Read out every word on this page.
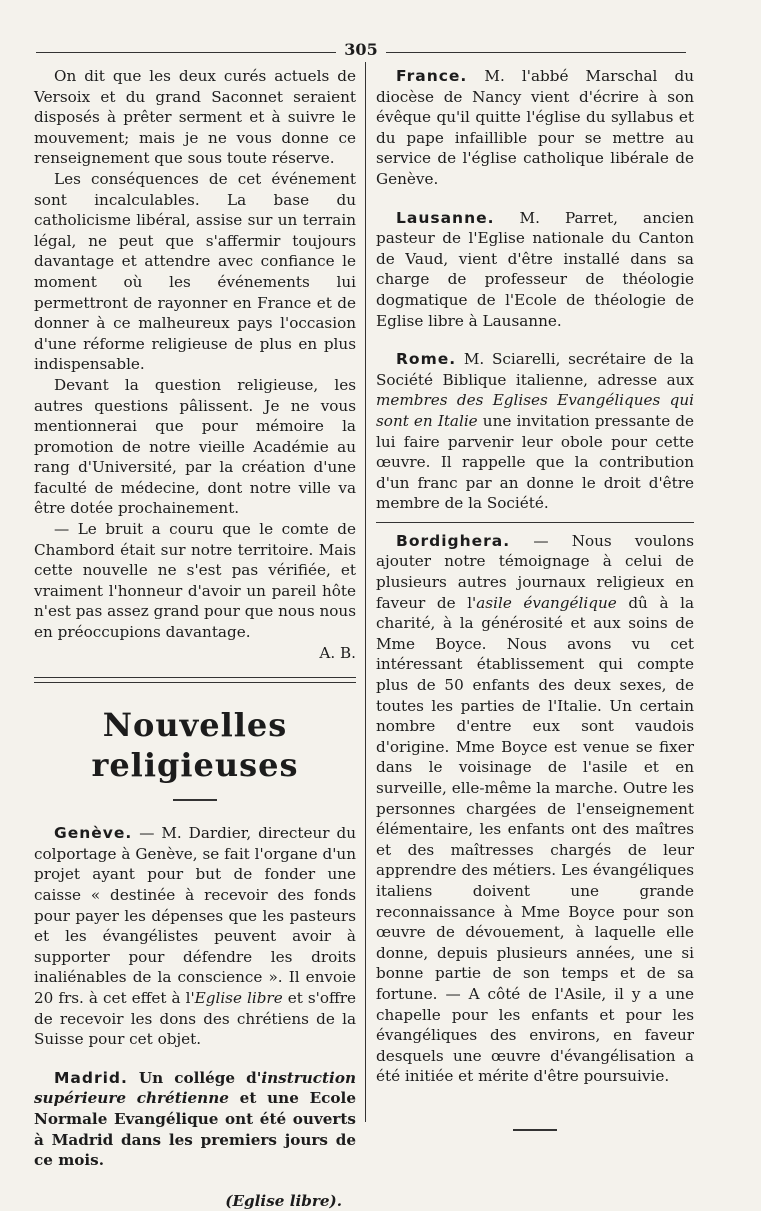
305

On dit que les deux curés actuels de Versoix et du grand Saconnet seraient disposés à prêter serment et à suivre le mouvement; mais je ne vous donne ce renseignement que sous toute réserve.

Les conséquences de cet événement sont incalculables. La base du catholicisme libéral, assise sur un terrain légal, ne peut que s'affermir toujours davantage et attendre avec confiance le moment où les événements lui permettront de rayonner en France et de donner à ce malheureux pays l'occasion d'une réforme religieuse de plus en plus indispensable.

Devant la question religieuse, les autres questions pâlissent. Je ne vous mentionnerai que pour mémoire la promotion de notre vieille Académie au rang d'Université, par la création d'une faculté de médecine, dont notre ville va être dotée prochainement.

— Le bruit a couru que le comte de Chambord était sur notre territoire. Mais cette nouvelle ne s'est pas vérifiée, et vraiment l'honneur d'avoir un pareil hôte n'est pas assez grand pour que nous nous en préoccupions davantage.

A. B.

Nouvelles religieuses

Genève. — M. Dardier, directeur du colportage à Genève, se fait l'organe d'un projet ayant pour but de fonder une caisse « destinée à recevoir des fonds pour payer les dépenses que les pasteurs et les évangélistes peuvent avoir à supporter pour défendre les droits inaliénables de la conscience ». Il envoie 20 frs. à cet effet à l'Eglise libre et s'offre de recevoir les dons des chrétiens de la Suisse pour cet objet.

Madrid. Un collége d'instruction supérieure chrétienne et une Ecole Normale Evangélique ont été ouverts à Madrid dans les premiers jours de ce mois.

(Eglise libre).

France. M. l'abbé Marschal du diocèse de Nancy vient d'écrire à son évêque qu'il quitte l'église du syllabus et du pape infaillible pour se mettre au service de l'église catholique libérale de Genève.

Lausanne. M. Parret, ancien pasteur de l'Eglise nationale du Canton de Vaud, vient d'être installé dans sa charge de professeur de théologie dogmatique de l'Ecole de théologie de Eglise libre à Lausanne.

Rome. M. Sciarelli, secrétaire de la Société Biblique italienne, adresse aux membres des Eglises Evangéliques qui sont en Italie une invitation pressante de lui faire parvenir leur obole pour cette œuvre. Il rappelle que la contribution d'un franc par an donne le droit d'être membre de la Société.

Bordighera. — Nous voulons ajouter notre témoignage à celui de plusieurs autres journaux religieux en faveur de l'asile évangélique dû à la charité, à la générosité et aux soins de Mme Boyce. Nous avons vu cet intéressant établissement qui compte plus de 50 enfants des deux sexes, de toutes les parties de l'Italie. Un certain nombre d'entre eux sont vaudois d'origine. Mme Boyce est venue se fixer dans le voisinage de l'asile et en surveille, elle-même la marche. Outre les personnes chargées de l'enseignement élémentaire, les enfants ont des maîtres et des maîtresses chargés de leur apprendre des métiers. Les évangéliques italiens doivent une grande reconnaissance à Mme Boyce pour son œuvre de dévouement, à laquelle elle donne, depuis plusieurs années, une si bonne partie de son temps et de sa fortune. — A côté de l'Asile, il y a une chapelle pour les enfants et pour les évangéliques des environs, en faveur desquels une œuvre d'évangélisation a été initiée et mérite d'être poursuivie.
